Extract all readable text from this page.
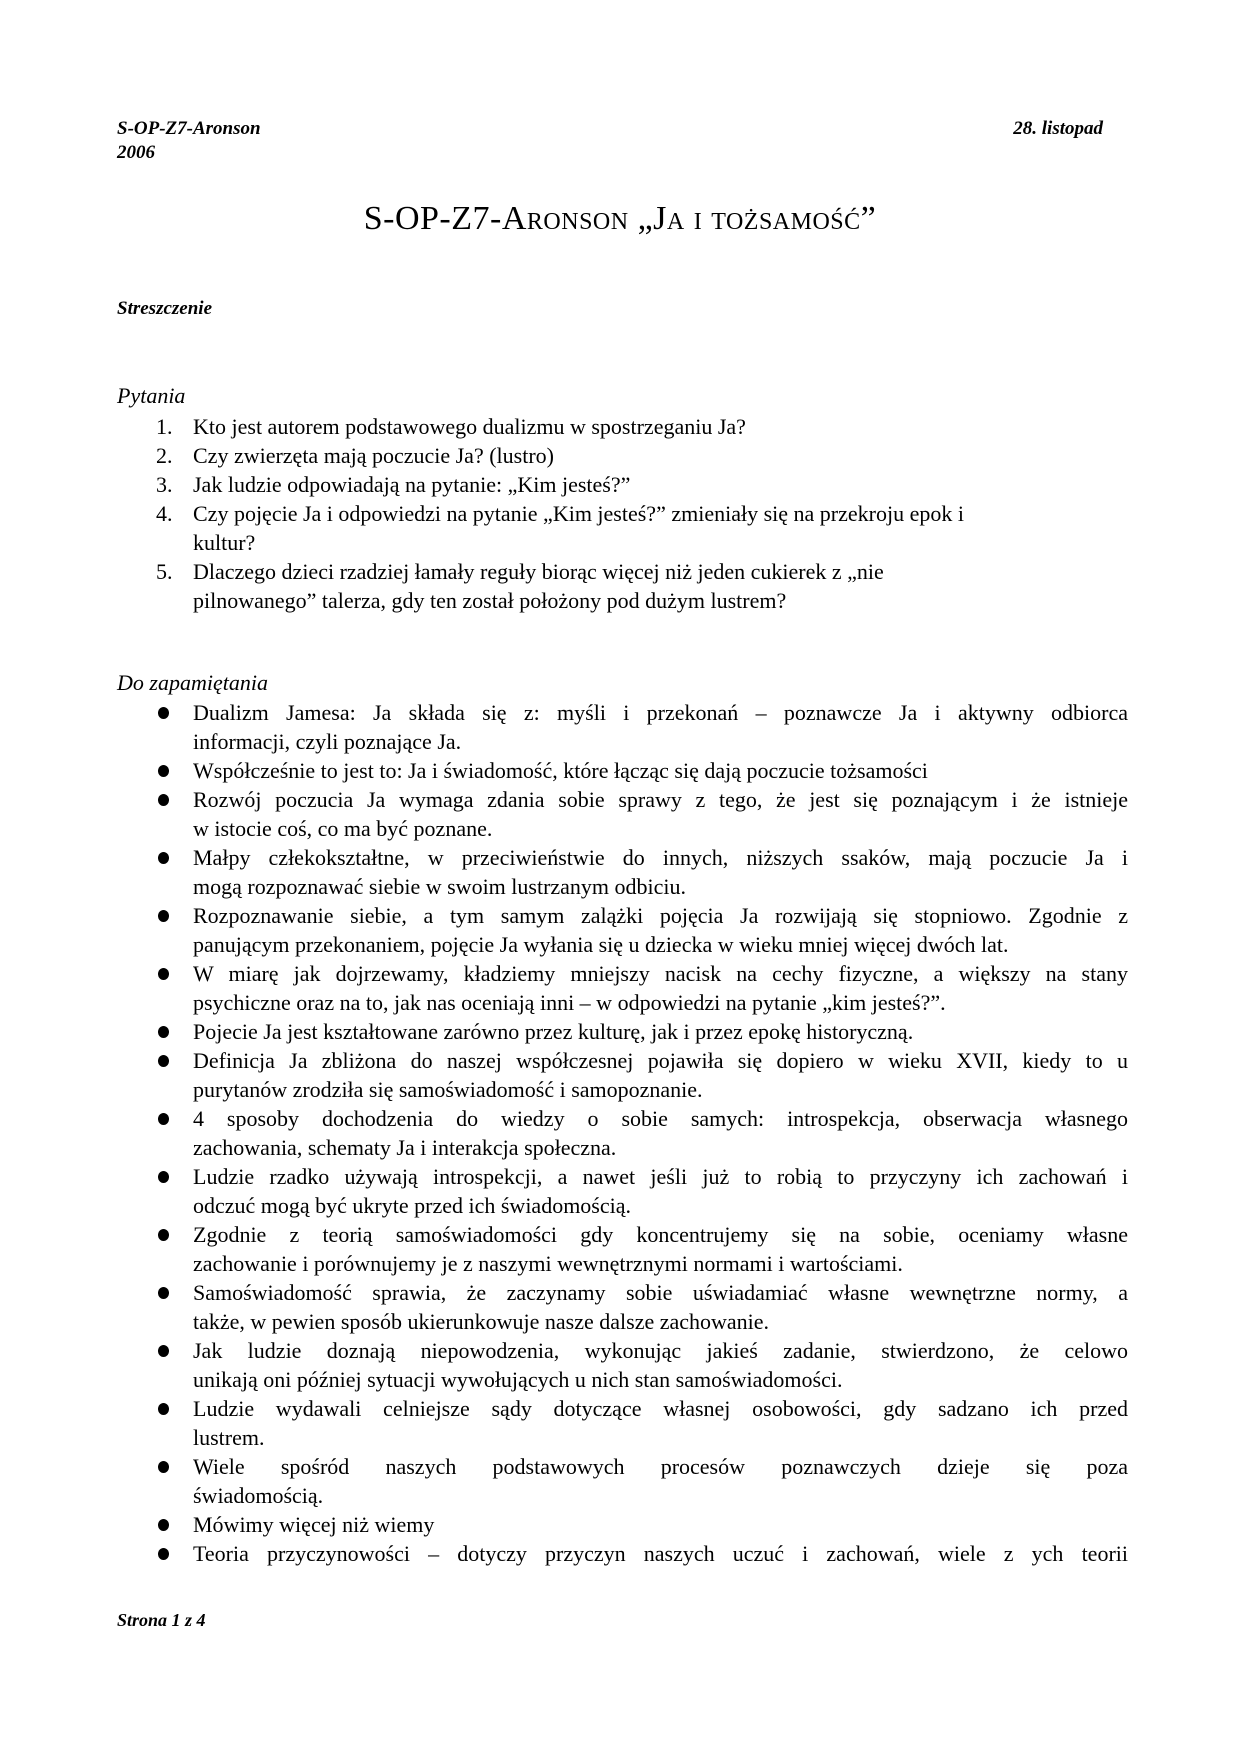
S-OP-Z7-Aronson
2006
28. listopad
S-OP-Z7-Aronson „Ja i tożsamość”
Streszczenie
Pytania
1. Kto jest autorem podstawowego dualizmu w spostrzeganiu Ja?
2. Czy zwierzęta mają poczucie Ja? (lustro)
3. Jak ludzie odpowiadają na pytanie: „Kim jesteś?”
4. Czy pojęcie Ja i odpowiedzi na pytanie „Kim jesteś?” zmieniały się na przekroju epok i
kultur?
5. Dlaczego dzieci rzadziej łamały reguły biorąc więcej niż jeden cukierek z „nie
pilnowanego” talerza, gdy ten został położony pod dużym lustrem?
Do zapamiętania
Dualizm Jamesa: Ja składa się z: myśli i przekonań – poznawcze Ja i aktywny odbiorca
informacji, czyli poznające Ja.
Współcześnie to jest to: Ja i świadomość, które łącząc się dają poczucie tożsamości
Rozwój poczucia Ja wymaga zdania sobie sprawy z tego, że jest się poznającym i że istnieje
w istocie coś, co ma być poznane.
Małpy człekokształtne, w przeciwieństwie do innych, niższych ssaków, mają poczucie Ja i
mogą rozpoznawać siebie w swoim lustrzanym odbiciu.
Rozpoznawanie siebie, a tym samym zalążki pojęcia Ja rozwijają się stopniowo. Zgodnie z
panującym przekonaniem, pojęcie Ja wyłania się u dziecka w wieku mniej więcej dwóch lat.
W miarę jak dojrzewamy, kładziemy mniejszy nacisk na cechy fizyczne, a większy na stany
psychiczne oraz na to, jak nas oceniają inni – w odpowiedzi na pytanie „kim jesteś?”.
Pojecie Ja jest kształtowane zarówno przez kulturę, jak i przez epokę historyczną.
Definicja Ja zbliżona do naszej współczesnej pojawiła się dopiero w wieku XVII, kiedy to u
purytanów zrodziła się samoświadomość i samopoznanie.
4 sposoby dochodzenia do wiedzy o sobie samych: introspekcja, obserwacja własnego
zachowania, schematy Ja i interakcja społeczna.
Ludzie rzadko używają introspekcji, a nawet jeśli już to robią to przyczyny ich zachowań i
odczuć mogą być ukryte przed ich świadomością.
Zgodnie z teorią samoświadomości gdy koncentrujemy się na sobie, oceniamy własne
zachowanie i porównujemy je z naszymi wewnętrznymi normami i wartościami.
Samoświadomość sprawia, że zaczynamy sobie uświadamiać własne wewnętrzne normy, a
także, w pewien sposób ukierunkowuje nasze dalsze zachowanie.
Jak ludzie doznają niepowodzenia, wykonując jakieś zadanie, stwierdzono, że celowo
unikają oni później sytuacji wywołujących u nich stan samoświadomości.
Ludzie wydawali celniejsze sądy dotyczące własnej osobowości, gdy sadzano ich przed
lustrem.
Wiele spośród naszych podstawowych procesów poznawczych dzieje się poza
świadomością.
Mówimy więcej niż wiemy
Teoria przyczynowości – dotyczy przyczyn naszych uczuć i zachowań, wiele z ych teorii
Strona 1 z 4
